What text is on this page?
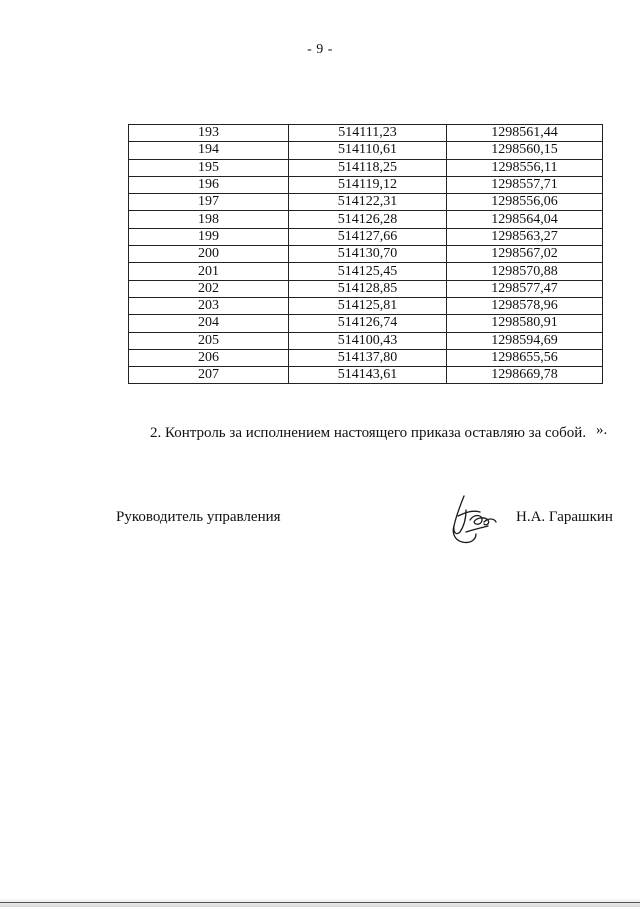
- 9 -
193	514111,23	1298561,44
194	514110,61	1298560,15
195	514118,25	1298556,11
196	514119,12	1298557,71
197	514122,31	1298556,06
198	514126,28	1298564,04
199	514127,66	1298563,27
200	514130,70	1298567,02
201	514125,45	1298570,88
202	514128,85	1298577,47
203	514125,81	1298578,96
204	514126,74	1298580,91
205	514100,43	1298594,69
206	514137,80	1298655,56
207	514143,61	1298669,78
».
2. Контроль за исполнением настоящего приказа оставляю за собой.
Руководитель управления	Н.А. Гарашкин
